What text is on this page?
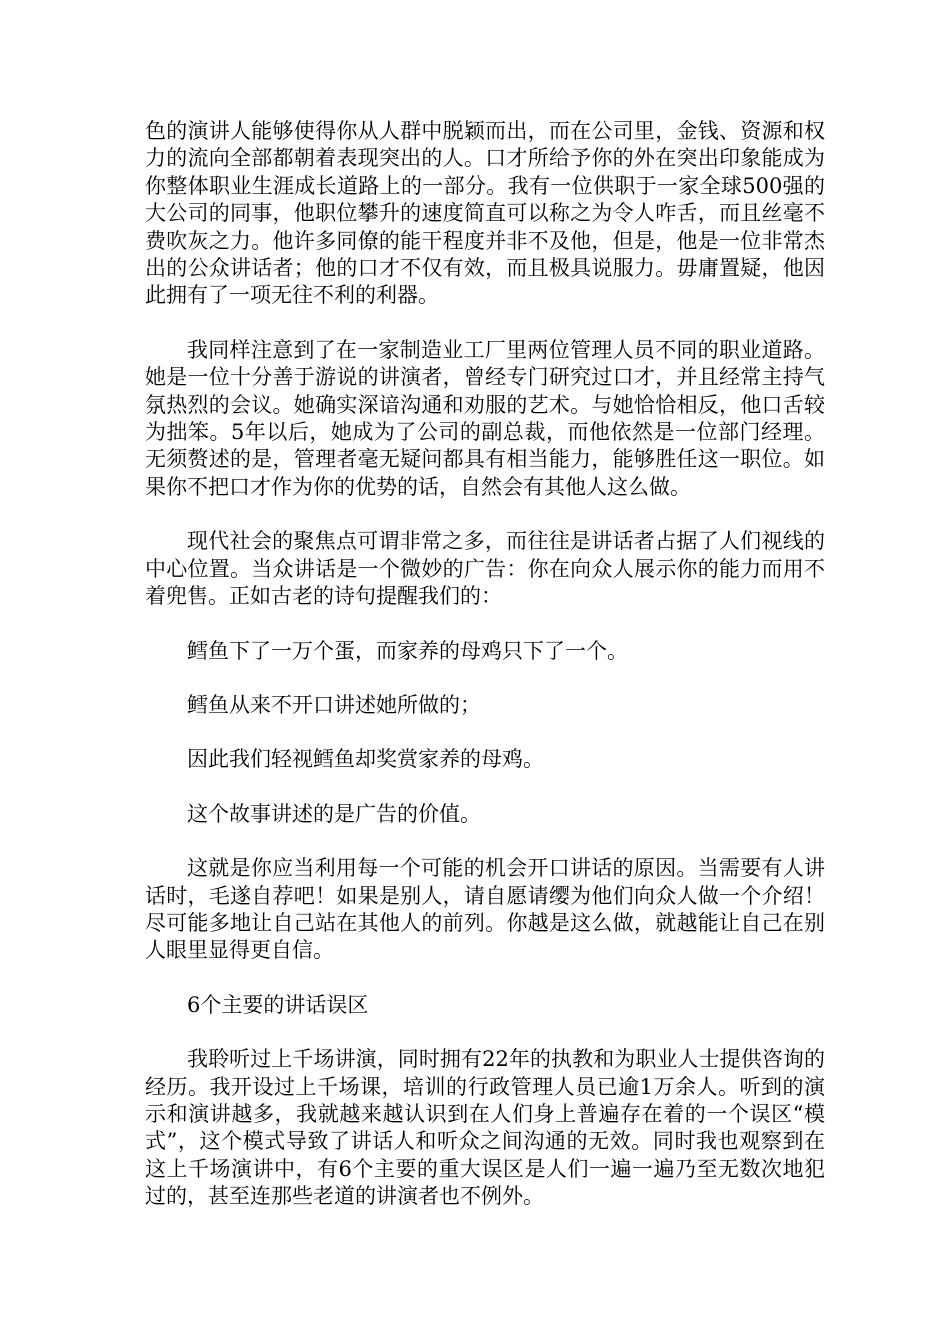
色的演讲人能够使得你从人群中脱颖而出，而在公司里，金钱、资源和权力的流向全部都朝着表现突出的人。口才所给予你的外在突出印象能成为你整体职业生涯成长道路上的一部分。我有一位供职于一家全球500强的大公司的同事，他职位攀升的速度简直可以称之为令人咋舌，而且丝毫不费吹灰之力。他许多同僚的能干程度并非不及他，但是，他是一位非常杰出的公众讲话者；他的口才不仅有效，而且极具说服力。毋庸置疑，他因此拥有了一项无往不利的利器。

我同样注意到了在一家制造业工厂里两位管理人员不同的职业道路。她是一位十分善于游说的讲演者，曾经专门研究过口才，并且经常主持气氛热烈的会议。她确实深谙沟通和劝服的艺术。与她恰恰相反，他口舌较为拙笨。5年以后，她成为了公司的副总裁，而他依然是一位部门经理。无须赘述的是，管理者毫无疑问都具有相当能力，能够胜任这一职位。如果你不把口才作为你的优势的话，自然会有其他人这么做。

现代社会的聚焦点可谓非常之多，而往往是讲话者占据了人们视线的中心位置。当众讲话是一个微妙的广告：你在向众人展示你的能力而用不着兜售。正如古老的诗句提醒我们的：

鳕鱼下了一万个蛋，而家养的母鸡只下了一个。

鳕鱼从来不开口讲述她所做的；

因此我们轻视鳕鱼却奖赏家养的母鸡。

这个故事讲述的是广告的价值。

这就是你应当利用每一个可能的机会开口讲话的原因。当需要有人讲话时，毛遂自荐吧！如果是别人，请自愿请缨为他们向众人做一个介绍！尽可能多地让自己站在其他人的前列。你越是这么做，就越能让自己在别人眼里显得更自信。

6个主要的讲话误区

我聆听过上千场讲演，同时拥有22年的执教和为职业人士提供咨询的经历。我开设过上千场课，培训的行政管理人员已逾1万余人。听到的演示和演讲越多，我就越来越认识到在人们身上普遍存在着的一个误区“模式”，这个模式导致了讲话人和听众之间沟通的无效。同时我也观察到在这上千场演讲中，有6个主要的重大误区是人们一遍一遍乃至无数次地犯过的，甚至连那些老道的讲演者也不例外。
